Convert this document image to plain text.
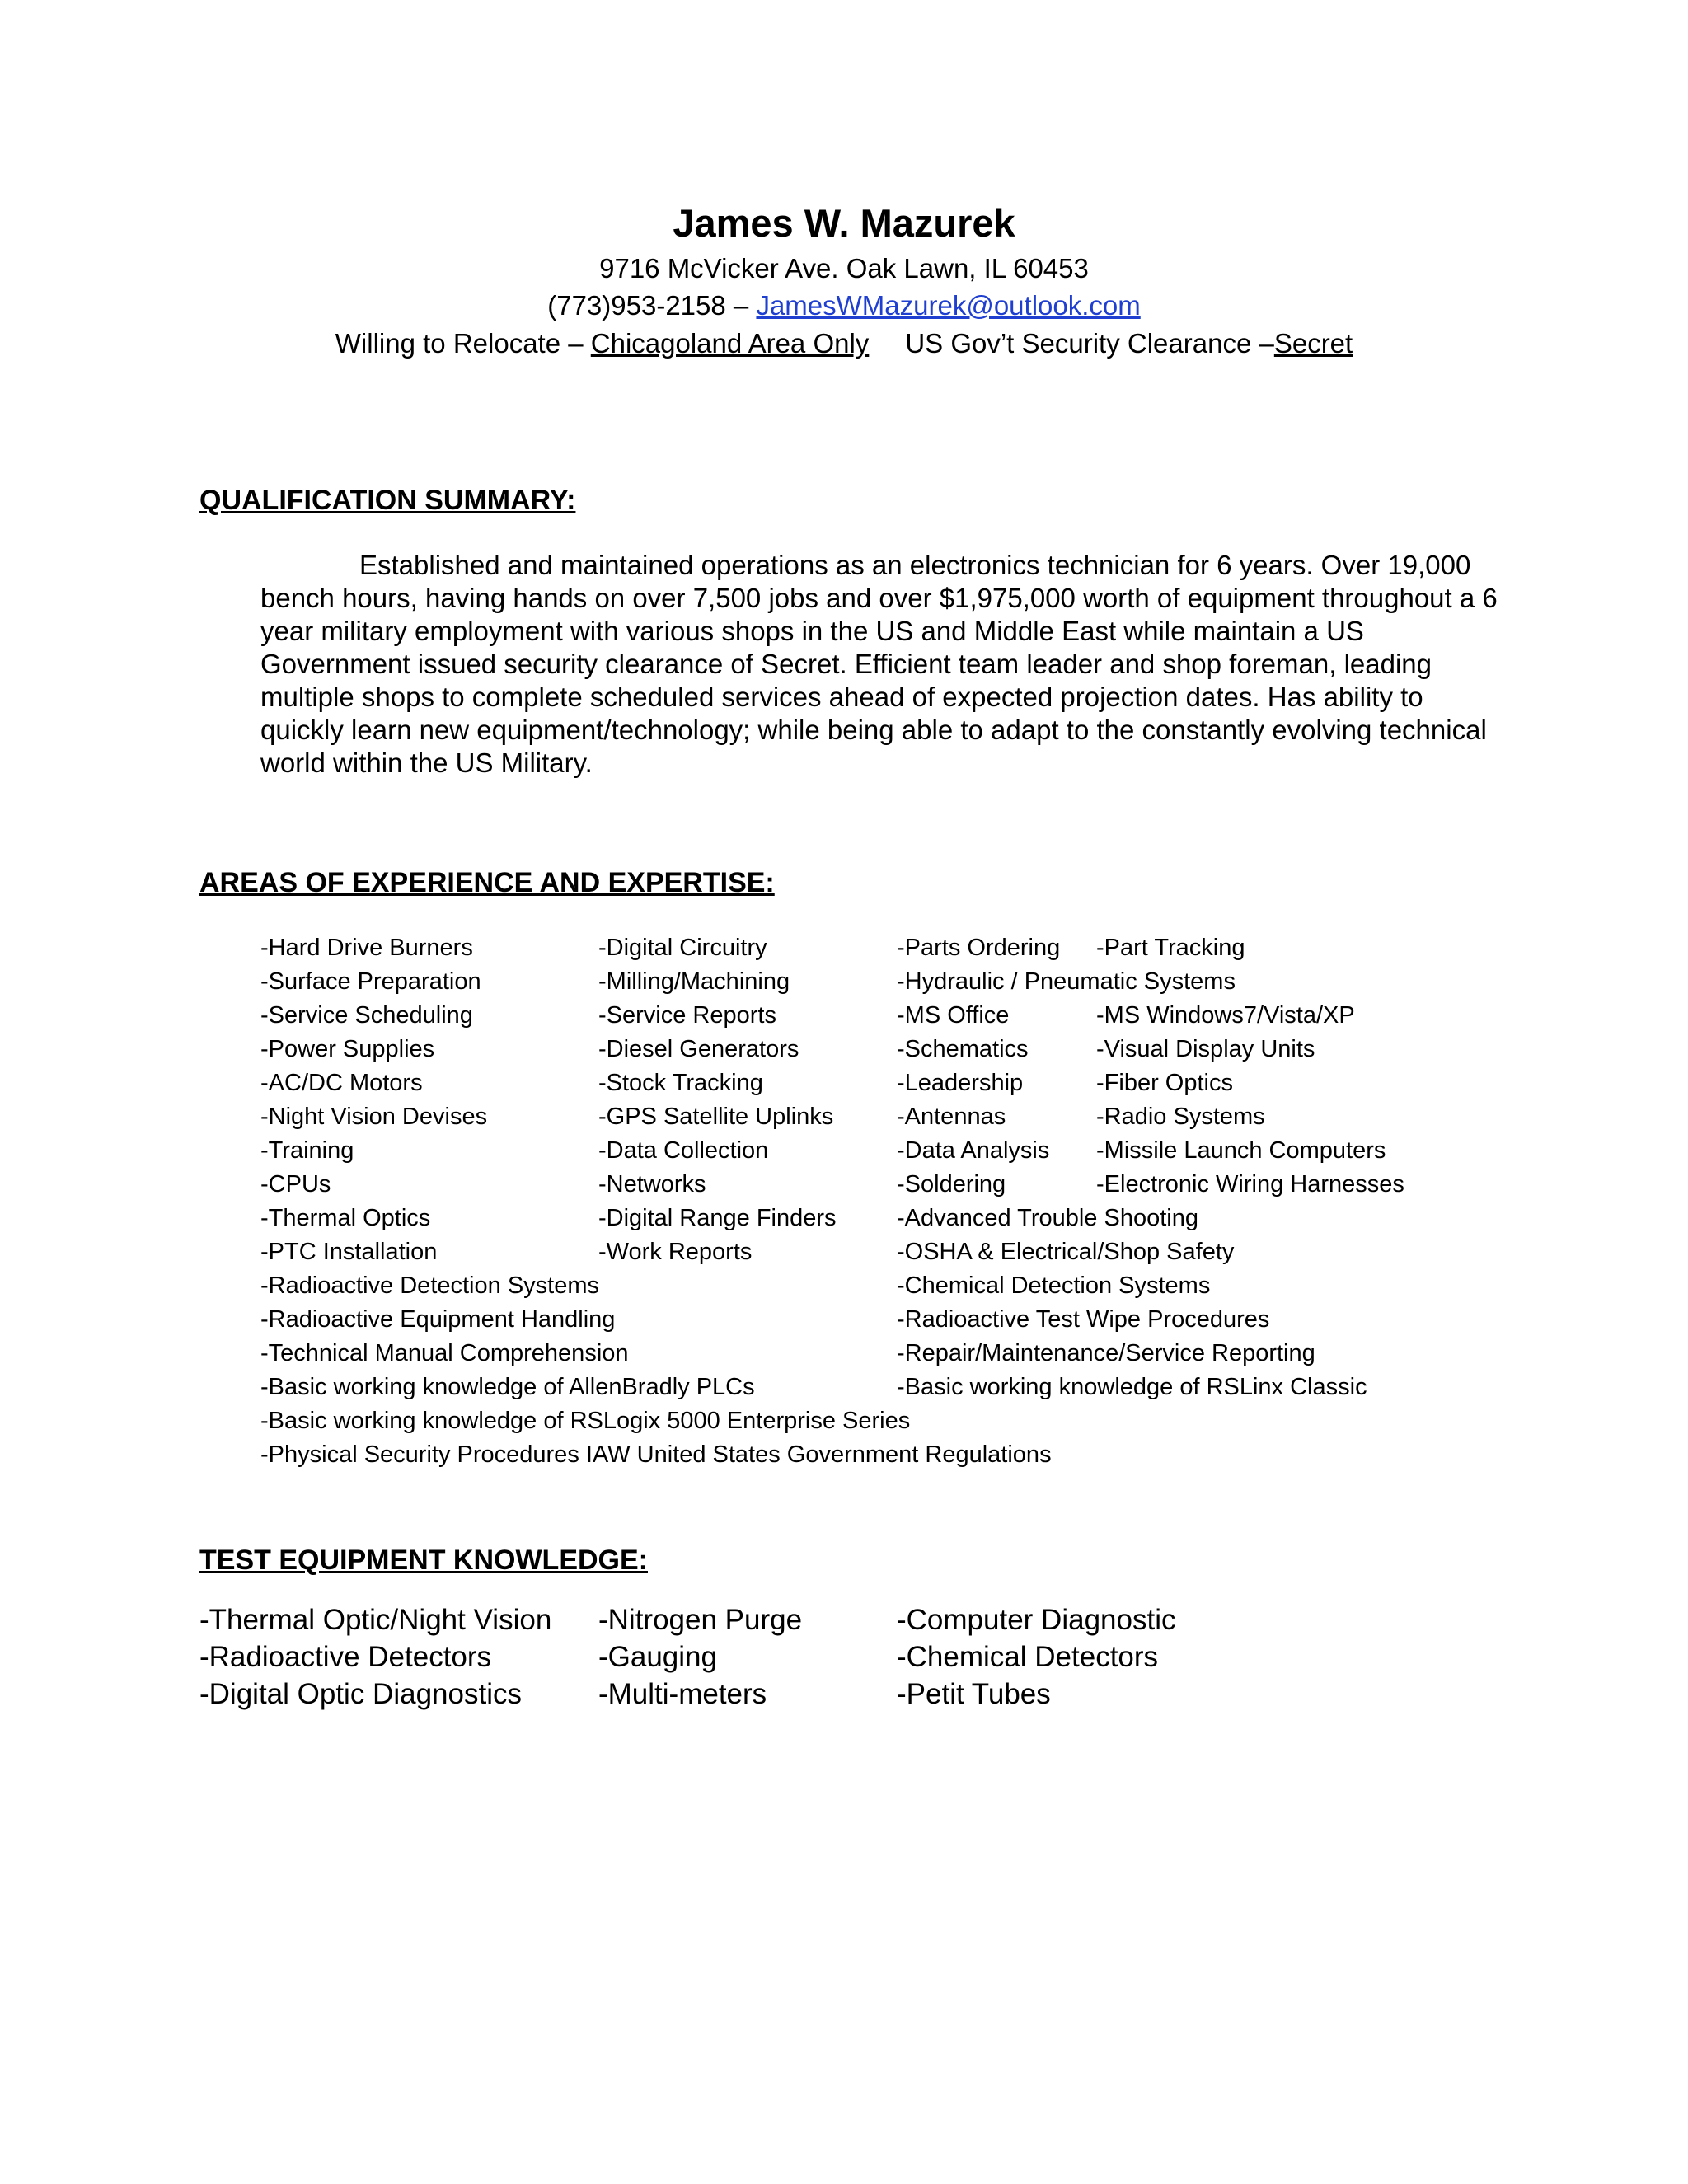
James W. Mazurek
9716 McVicker Ave. Oak Lawn, IL 60453
(773)953-2158 – JamesWMazurek@outlook.com
Willing to Relocate – Chicagoland Area Only US Gov’t Security Clearance –Secret
QUALIFICATION SUMMARY:
Established and maintained operations as an electronics technician for 6 years. Over 19,000 bench hours, having hands on over 7,500 jobs and over $1,975,000 worth of equipment throughout a 6 year military employment with various shops in the US and Middle East while maintain a US Government issued security clearance of Secret. Efficient team leader and shop foreman, leading multiple shops to complete scheduled services ahead of expected projection dates. Has ability to quickly learn new equipment/technology; while being able to adapt to the constantly evolving technical world within the US Military.
AREAS OF EXPERIENCE AND EXPERTISE:
-Hard Drive Burners	-Digital Circuitry	-Parts Ordering -Part Tracking
-Surface Preparation	-Milling/Machining	-Hydraulic / Pneumatic Systems
-Service Scheduling	-Service Reports	-MS Office	-MS Windows7/Vista/XP
-Power Supplies	-Diesel Generators	-Schematics	-Visual Display Units
-AC/DC Motors	-Stock Tracking	-Leadership	-Fiber Optics
-Night Vision Devises	-GPS Satellite Uplinks	-Antennas	-Radio Systems
-Training	-Data Collection	-Data Analysis -Missile Launch Computers
-CPUs	-Networks	-Soldering	-Electronic Wiring Harnesses
-Thermal Optics	-Digital Range Finders	-Advanced Trouble Shooting
-PTC Installation	-Work Reports	-OSHA & Electrical/Shop Safety
-Radioactive Detection Systems	-Chemical Detection Systems
-Radioactive Equipment Handling	-Radioactive Test Wipe Procedures
-Technical Manual Comprehension	-Repair/Maintenance/Service Reporting
-Basic working knowledge of AllenBradly PLCs	-Basic working knowledge of RSLinx Classic
-Basic working knowledge of RSLogix 5000 Enterprise Series
-Physical Security Procedures IAW United States Government Regulations
TEST EQUIPMENT KNOWLEDGE:
-Thermal Optic/Night Vision -Nitrogen Purge	-Computer Diagnostic
-Radioactive Detectors	-Gauging	-Chemical Detectors
-Digital Optic Diagnostics	-Multi-meters	-Petit Tubes
